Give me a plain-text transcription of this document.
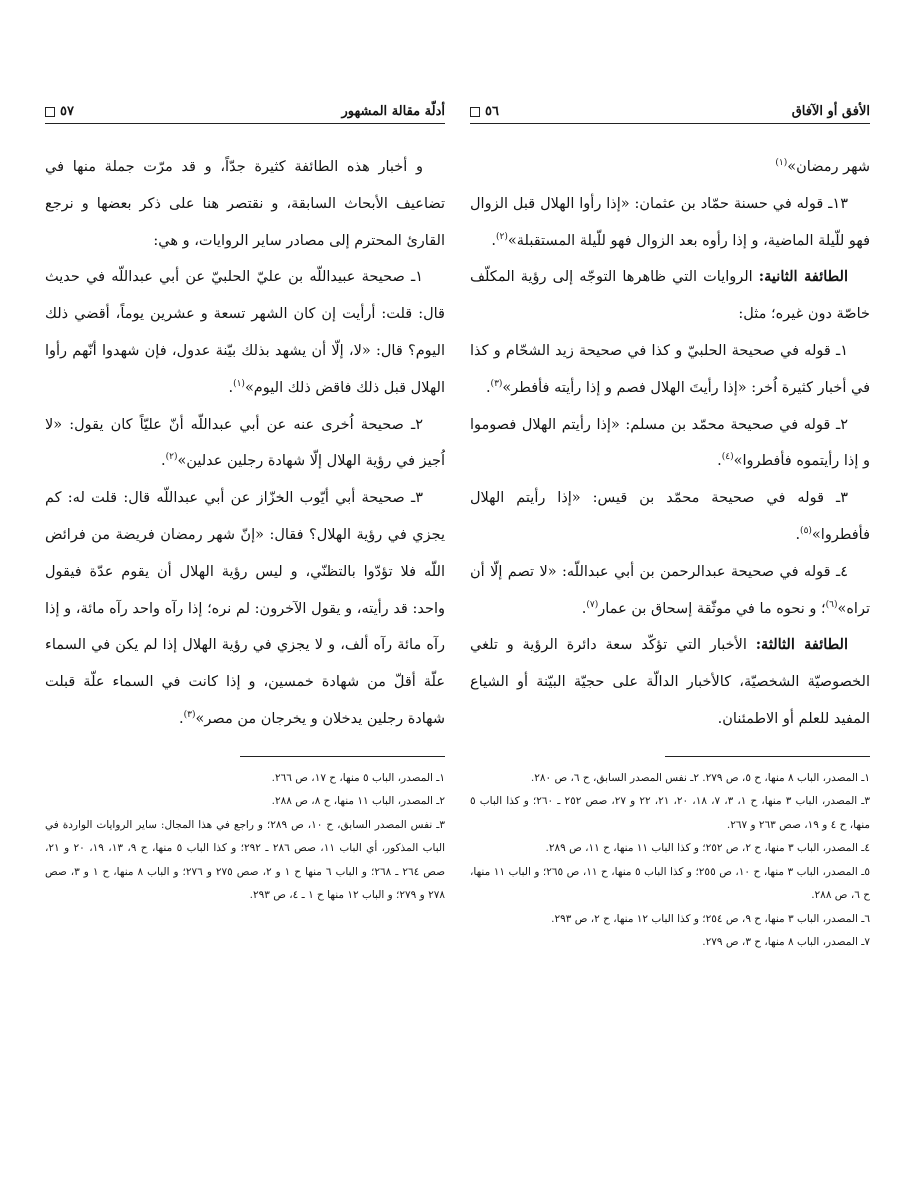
أدلّة مقالة المشهور
٥٧

و أخبار هذه الطائفة كثيرة جدّاً، و قد مرّت جملة منها في تضاعيف الأبحاث السابقة، و نقتصر هنا على ذكر بعضها و نرجع القارئ المحترم إلى مصادر ساير الروايات، و هي:

١ـ صحيحة عبيداللّه بن عليّ الحلبيّ عن أبي عبداللّه في حديث قال: قلت: أرأيت إن كان الشهر تسعة و عشرين يوماً، أقضي ذلك اليوم؟ قال: «لا، إلّا أن يشهد بذلك بيّنة عدول، فإن شهدوا أنّهم رأوا الهلال قبل ذلك فاقض ذلك اليوم»$^{(١)}$.

٢ـ صحيحة اُخرى عنه عن أبي عبداللّه أنّ عليّاً كان يقول: «لا اُجيز في رؤية الهلال إلّا شهادة رجلين عدلين»$^{(٢)}$.

٣ـ صحيحة أبي أيّوب الخزّاز عن أبي عبداللّه قال: قلت له: كم يجزي في رؤية الهلال؟ فقال: «إنّ شهر رمضان فريضة من فرائض اللّه فلا تؤدّوا بالتظنّي، و ليس رؤية الهلال أن يقوم عدّة فيقول واحد: قد رأيته، و يقول الآخرون: لم نره؛ إذا رآه واحد رآه مائة، و إذا رآه مائة رآه ألف، و لا يجزي في رؤية الهلال إذا لم يكن في السماء علّة أقلّ من شهادة خمسين، و إذا كانت في السماء علّة قبلت شهادة رجلين يدخلان و يخرجان من مصر»$^{(٣)}$.

١ـ المصدر، الباب ٥ منها، ح ١٧، ص ٢٦٦.

٢ـ المصدر، الباب ١١ منها، ح ٨، ص ٢٨٨.

٣ـ نفس المصدر السابق، ح ١٠، ص ٢٨٩؛ و راجع في هذا المجال: ساير الروايات الواردة في الباب المذكور، أي الباب ١١، صص ٢٨٦ ـ ٢٩٢؛ و كذا الباب ٥ منها، ح ٩، ١٣، ١٩، ٢٠ و ٢١، صص ٢٦٤ ـ ٢٦٨؛ و الباب ٦ منها ح ١ و ٢، صص ٢٧٥ و ٢٧٦؛ و الباب ٨ منها، ح ١ و ٣، صص ٢٧٨ و ٢٧٩؛ و الباب ١٢ منها ح ١ ـ ٤، ص ٢٩٣.

الأفق أو الآفاق
٥٦

شهر رمضان»$^{(١)}$

١٣ـ قوله في حسنة حمّاد بن عثمان: «إذا رأوا الهلال قبل الزوال فهو للّيلة الماضية، و إذا رأوه بعد الزوال فهو للّيلة المستقبلة»$^{(٢)}$.

الطائفة الثانية: الروايات التي ظاهرها التوجّه إلى رؤية المكلّف خاصّة دون غيره؛ مثل:

١ـ قوله في صحيحة الحلبيّ و كذا في صحيحة زيد الشحّام و كذا في أخبار كثيرة اُخر: «إذا رأيتَ الهلال فصم و إذا رأيته فأفطر»$^{(٣)}$.

٢ـ قوله في صحيحة محمّد بن مسلم: «إذا رأيتم الهلال فصوموا و إذا رأيتموه فأفطروا»$^{(٤)}$.

٣ـ قوله في صحيحة محمّد بن قيس: «إذا رأيتم الهلال فأفطروا»$^{(٥)}$.

٤ـ قوله في صحيحة عبدالرحمن بن أبي عبداللّه: «لا تصم إلّا أن تراه»$^{(٦)}$؛ و نحوه ما في موثّقة إسحاق بن عمار$^{(٧)}$.

الطائفة الثالثة: الأخبار التي تؤكّد سعة دائرة الرؤية و تلغي الخصوصيّة الشخصيّة، كالأخبار الدالّة على حجيّة البيّنة أو الشياع المفيد للعلم أو الاطمئنان.

١ـ المصدر، الباب ٨ منها، ح ٥، ص ٢٧٩. ٢ـ نفس المصدر السابق، ح ٦، ص ٢٨٠.

٣ـ المصدر، الباب ٣ منها، ح ١، ٣، ٧، ١٨، ٢٠، ٢١، ٢٢ و ٢٧، صص ٢٥٢ ـ ٢٦٠؛ و كذا الباب ٥ منها، ح ٤ و ١٩، صص ٢٦٣ و ٢٦٧.

٤ـ المصدر، الباب ٣ منها، ح ٢، ص ٢٥٢؛ و كذا الباب ١١ منها، ح ١١، ص ٢٨٩.

٥ـ المصدر، الباب ٣ منها، ح ١٠، ص ٢٥٥؛ و كذا الباب ٥ منها، ح ١١، ص ٢٦٥؛ و الباب ١١ منها، ح ٦، ص ٢٨٨.

٦ـ المصدر، الباب ٣ منها، ح ٩، ص ٢٥٤؛ و كذا الباب ١٢ منها، ح ٢، ص ٢٩٣.

٧ـ المصدر، الباب ٨ منها، ح ٣، ص ٢٧٩.
